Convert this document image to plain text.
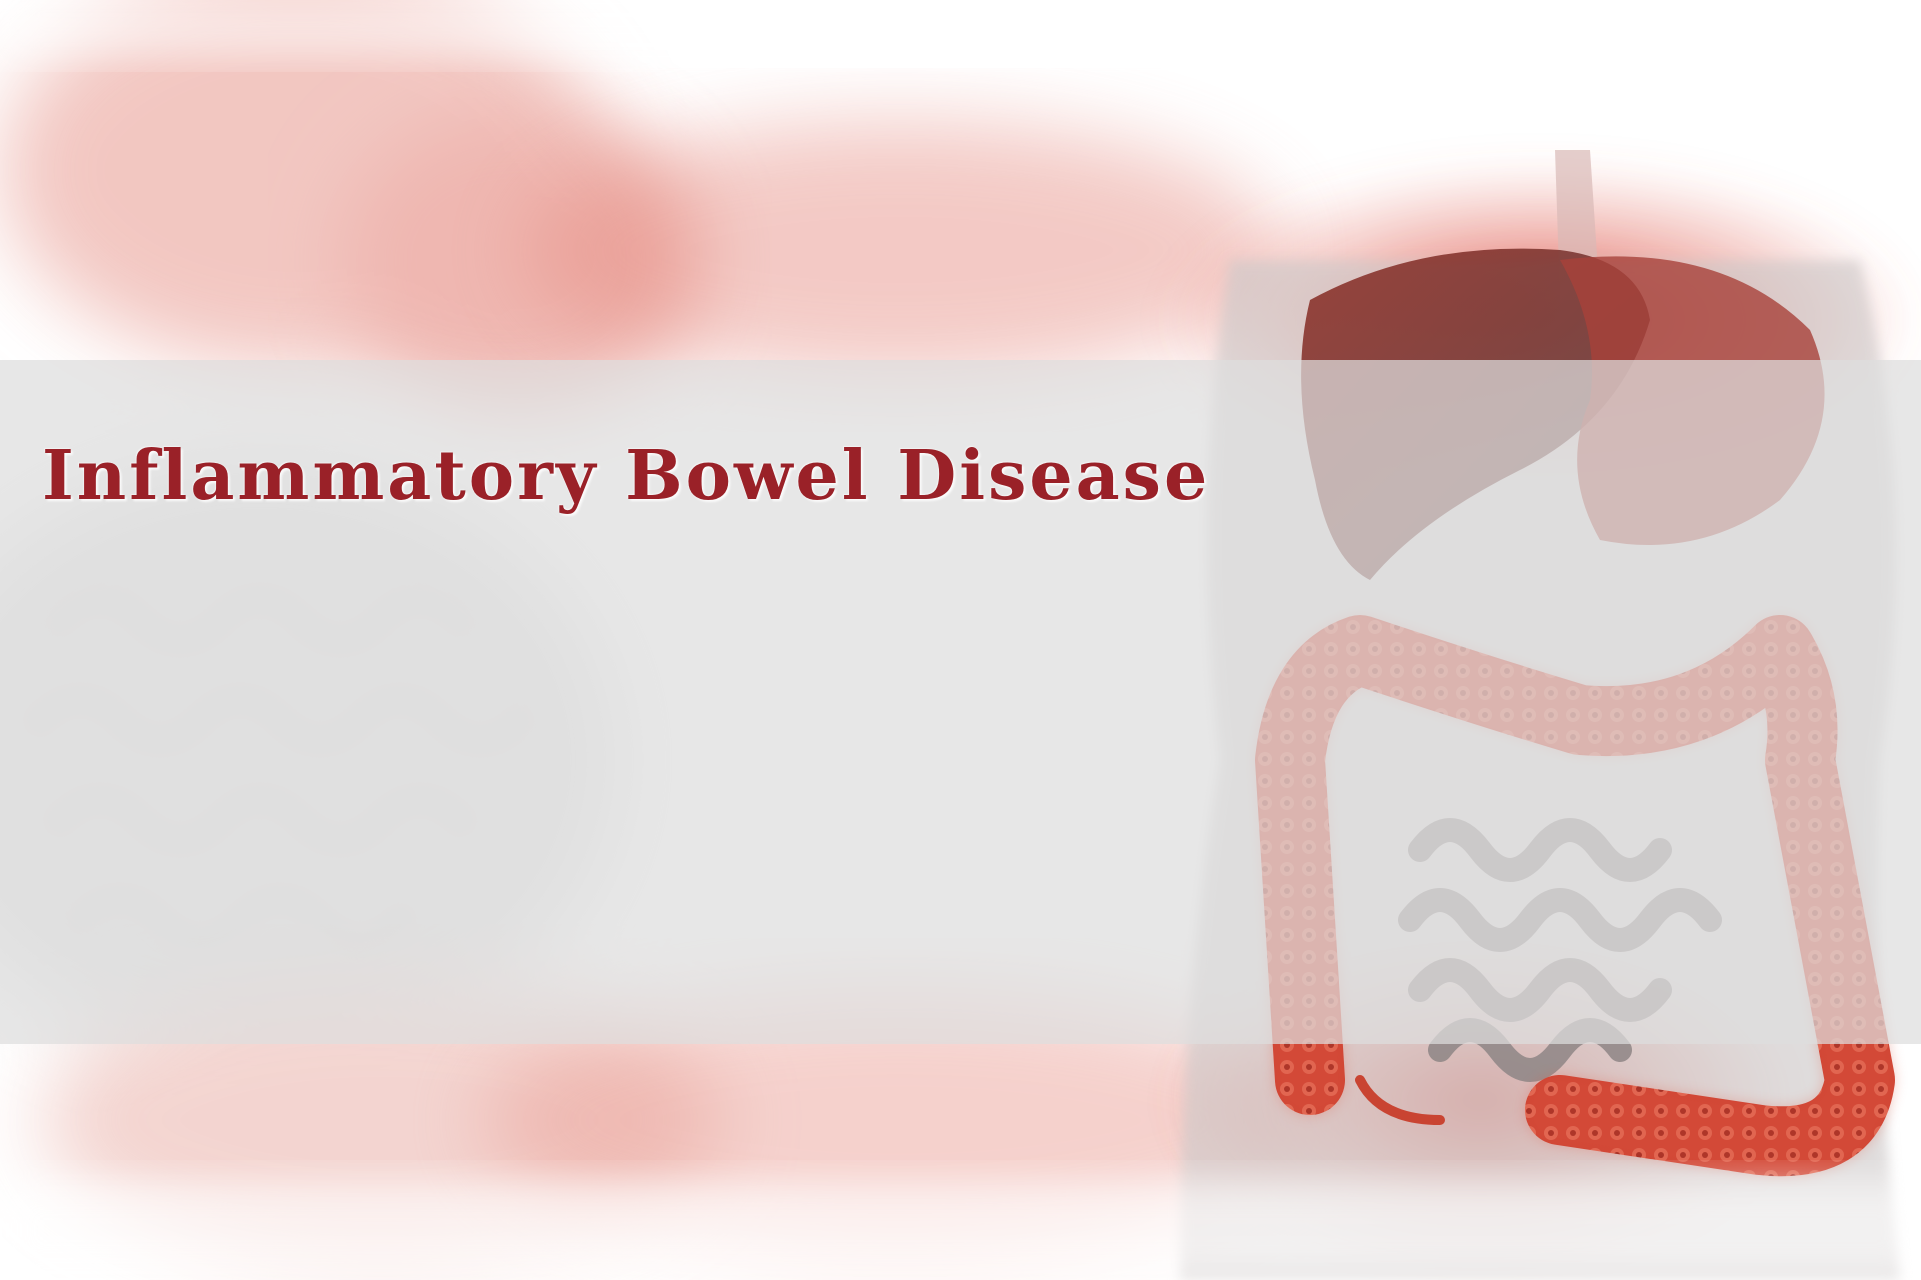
Inflammatory Bowel Disease
